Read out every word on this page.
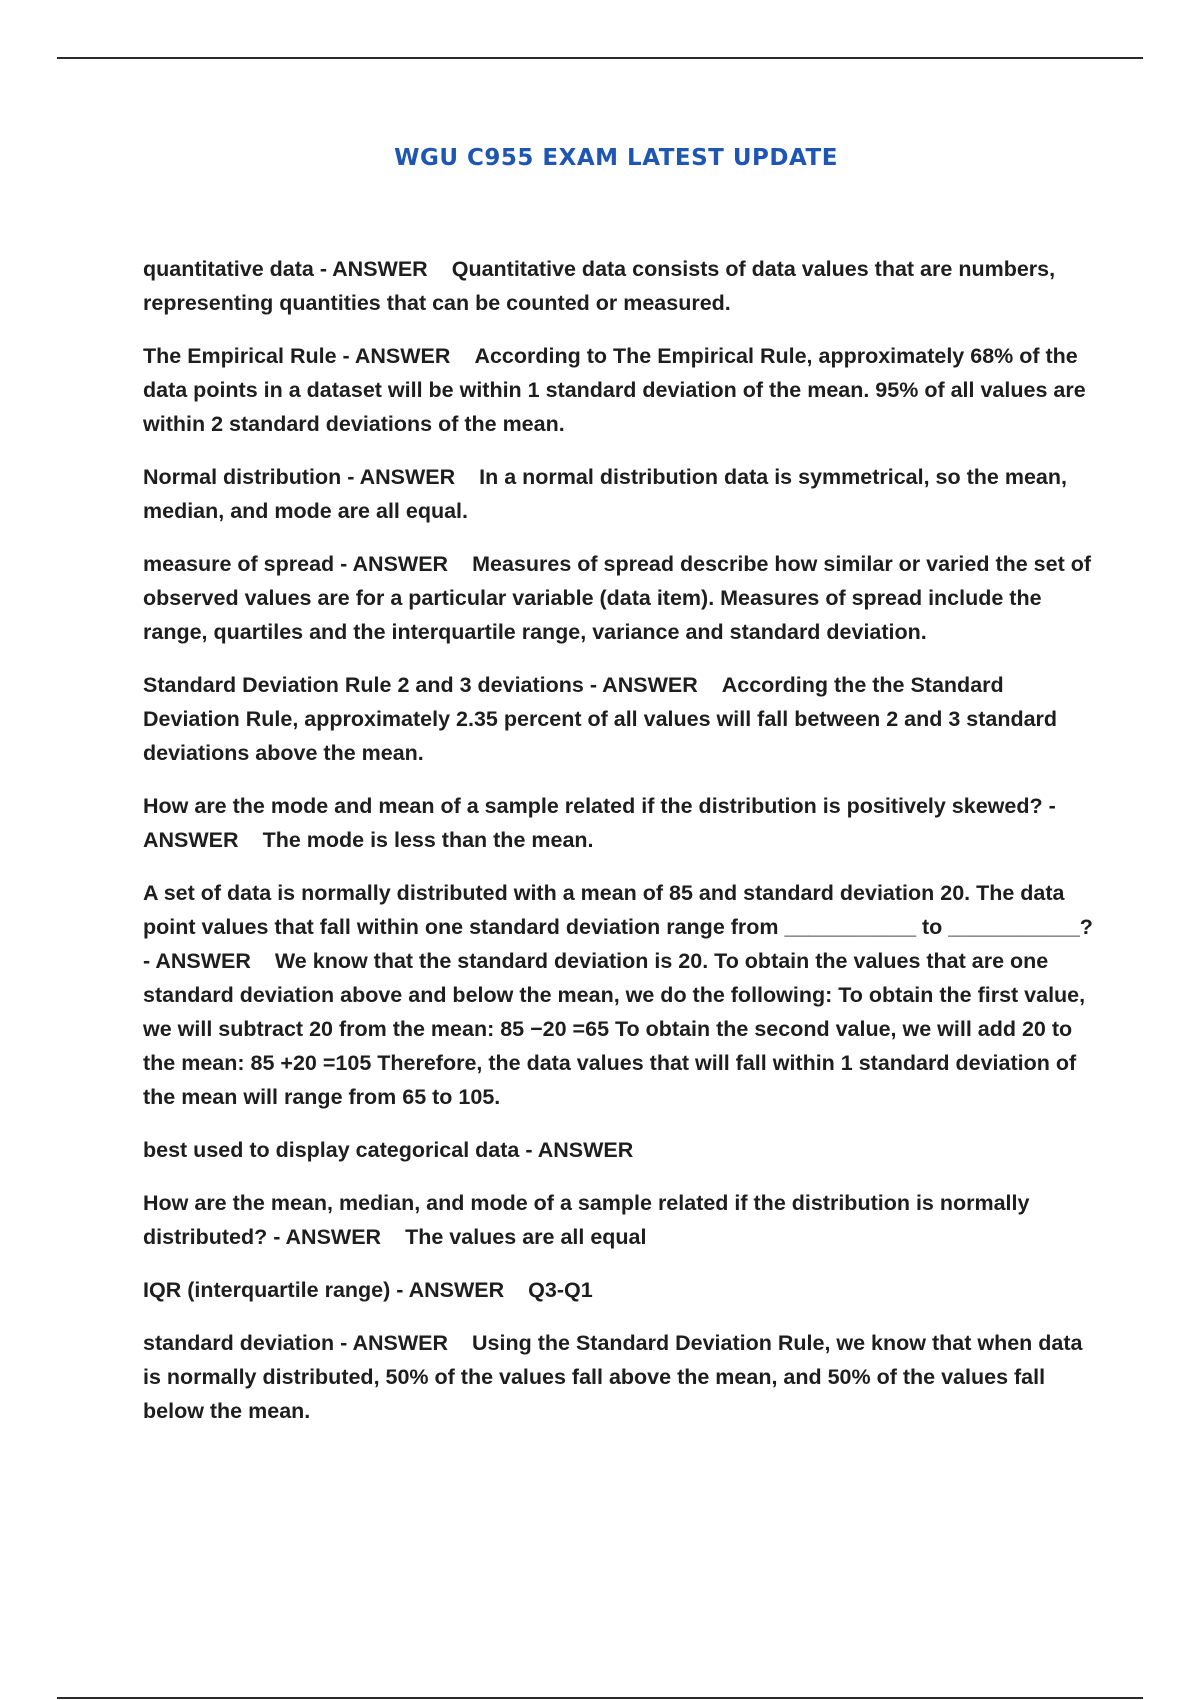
WGU C955 EXAM LATEST UPDATE

quantitative data - ANSWER Quantitative data consists of data values that are numbers, representing quantities that can be counted or measured.

The Empirical Rule - ANSWER According to The Empirical Rule, approximately 68% of the data points in a dataset will be within 1 standard deviation of the mean. 95% of all values are within 2 standard deviations of the mean.

Normal distribution - ANSWER In a normal distribution data is symmetrical, so the mean, median, and mode are all equal.

measure of spread - ANSWER Measures of spread describe how similar or varied the set of observed values are for a particular variable (data item). Measures of spread include the range, quartiles and the interquartile range, variance and standard deviation.

Standard Deviation Rule 2 and 3 deviations - ANSWER According the the Standard Deviation Rule, approximately 2.35 percent of all values will fall between 2 and 3 standard deviations above the mean.

How are the mode and mean of a sample related if the distribution is positively skewed? - ANSWER The mode is less than the mean.

A set of data is normally distributed with a mean of 85 and standard deviation 20. The data point values that fall within one standard deviation range from ___________ to ___________? - ANSWER We know that the standard deviation is 20. To obtain the values that are one standard deviation above and below the mean, we do the following: To obtain the first value, we will subtract 20 from the mean: 85 −20 =65 To obtain the second value, we will add 20 to the mean: 85 +20 =105 Therefore, the data values that will fall within 1 standard deviation of the mean will range from 65 to 105.

best used to display categorical data - ANSWER

How are the mean, median, and mode of a sample related if the distribution is normally distributed? - ANSWER The values are all equal

IQR (interquartile range) - ANSWER Q3-Q1

standard deviation - ANSWER Using the Standard Deviation Rule, we know that when data is normally distributed, 50% of the values fall above the mean, and 50% of the values fall below the mean.
